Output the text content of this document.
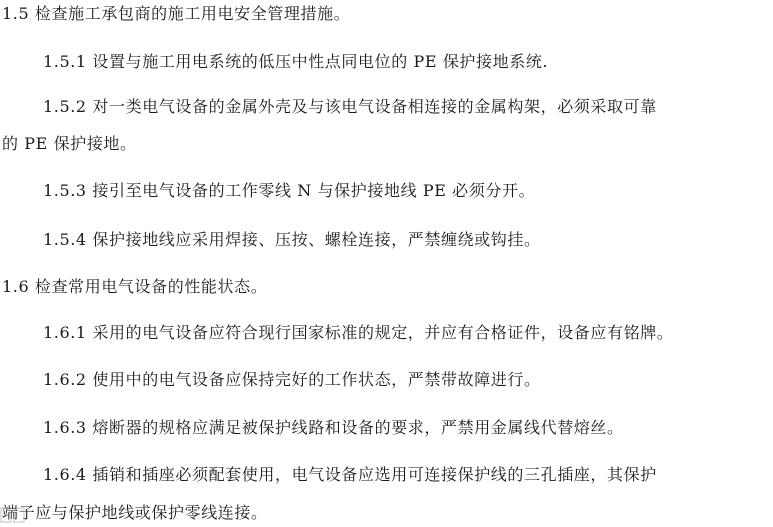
1.5 检查施工承包商的施工用电安全管理措施。
1.5.1 设置与施工用电系统的低压中性点同电位的 PE 保护接地系统.
1.5.2 对一类电气设备的金属外壳及与该电气设备相连接的金属构架，必须采取可靠
的 PE 保护接地。
1.5.3 接引至电气设备的工作零线 N 与保护接地线 PE 必须分开。
1.5.4 保护接地线应采用焊接、压按、螺栓连接，严禁缠绕或钩挂。
1.6 检查常用电气设备的性能状态。
1.6.1 采用的电气设备应符合现行国家标准的规定，并应有合格证件，设备应有铭牌。
1.6.2 使用中的电气设备应保持完好的工作状态，严禁带故障进行。
1.6.3 熔断器的规格应满足被保护线路和设备的要求，严禁用金属线代替熔丝。
1.6.4 插销和插座必须配套使用，电气设备应选用可连接保护线的三孔插座，其保护
端子应与保护地线或保护零线连接。
